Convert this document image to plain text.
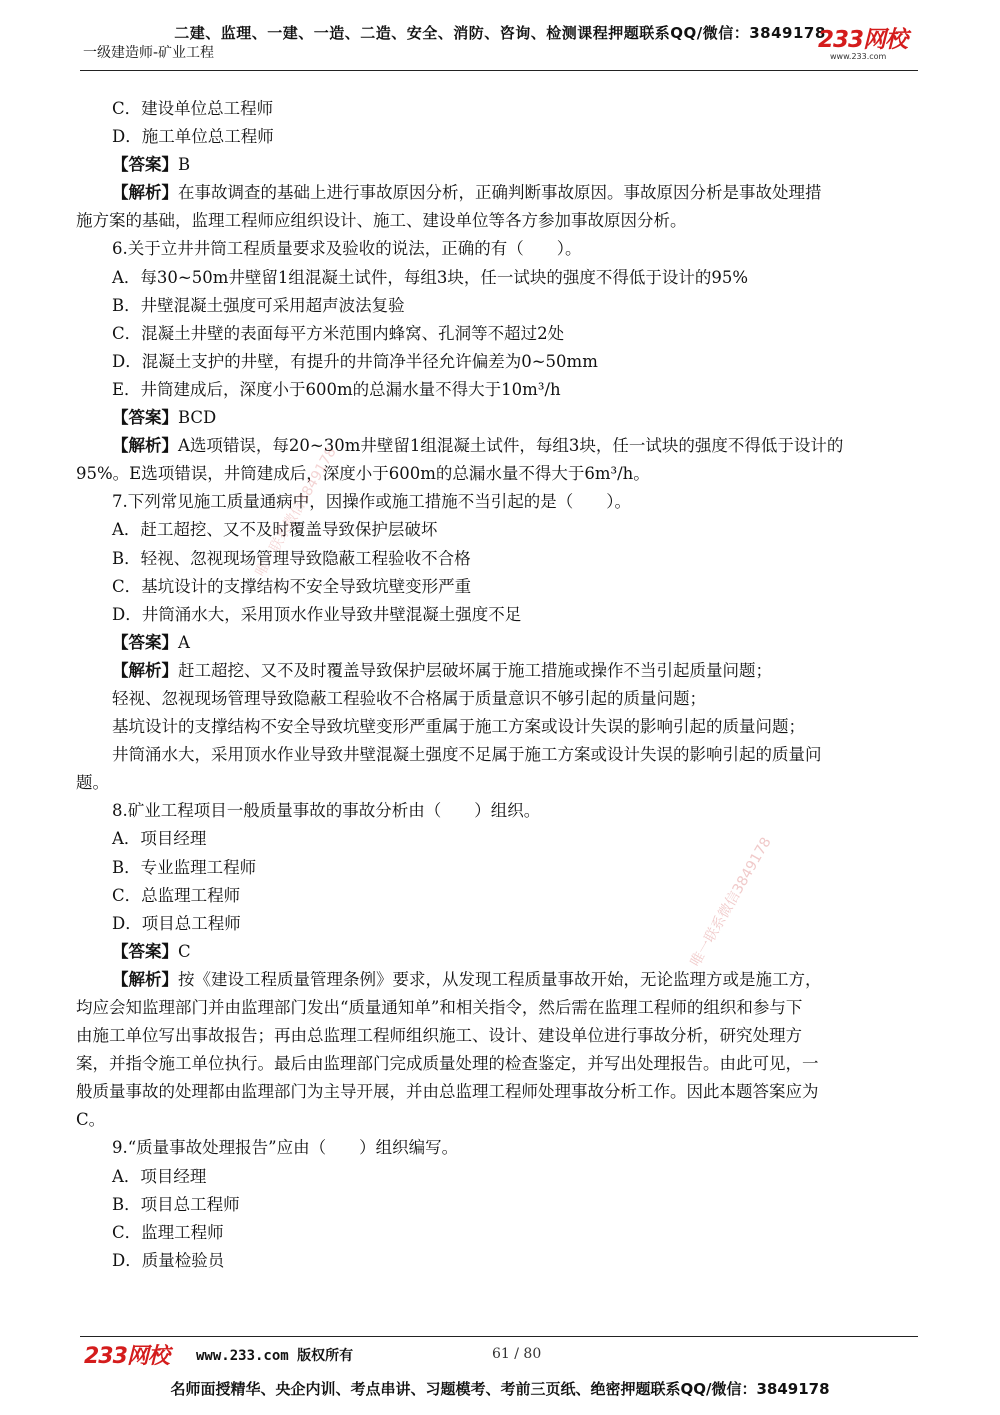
二建、监理、一建、一造、二造、安全、消防、咨询、检测课程押题联系QQ/微信：3849178
一级建造师-矿业工程	233网校
www.233.com
C．建设单位总工程师
D．施工单位总工程师
【答案】B
【解析】在事故调查的基础上进行事故原因分析，正确判断事故原因。事故原因分析是事故处理措
施方案的基础，监理工程师应组织设计、施工、建设单位等各方参加事故原因分析。
6.关于立井井筒工程质量要求及验收的说法，正确的有（　　）。
A．每30~50m井壁留1组混凝土试件，每组3块，任一试块的强度不得低于设计的95%
B．井壁混凝土强度可采用超声波法复验
C．混凝土井壁的表面每平方米范围内蜂窝、孔洞等不超过2处
D．混凝土支护的井壁，有提升的井筒净半径允许偏差为0~50mm
E．井筒建成后，深度小于600m的总漏水量不得大于10m³/h
【答案】BCD
【解析】A选项错误，每20~30m井壁留1组混凝土试件，每组3块，任一试块的强度不得低于设计的
95%。E选项错误，井筒建成后，深度小于600m的总漏水量不得大于6m³/h。
7.下列常见施工质量通病中，因操作或施工措施不当引起的是（　　）。
A．赶工超挖、又不及时覆盖导致保护层破坏
B．轻视、忽视现场管理导致隐蔽工程验收不合格
C．基坑设计的支撑结构不安全导致坑壁变形严重
D．井筒涌水大，采用顶水作业导致井壁混凝土强度不足
【答案】A
【解析】赶工超挖、又不及时覆盖导致保护层破坏属于施工措施或操作不当引起质量问题；
轻视、忽视现场管理导致隐蔽工程验收不合格属于质量意识不够引起的质量问题；
基坑设计的支撑结构不安全导致坑壁变形严重属于施工方案或设计失误的影响引起的质量问题；
井筒涌水大，采用顶水作业导致井壁混凝土强度不足属于施工方案或设计失误的影响引起的质量问
题。
8.矿业工程项目一般质量事故的事故分析由（　　）组织。
A．项目经理
B．专业监理工程师
C．总监理工程师
D．项目总工程师
【答案】C
【解析】按《建设工程质量管理条例》要求，从发现工程质量事故开始，无论监理方或是施工方，
均应会知监理部门并由监理部门发出“质量通知单”和相关指令，然后需在监理工程师的组织和参与下
由施工单位写出事故报告；再由总监理工程师组织施工、设计、建设单位进行事故分析，研究处理方
案，并指令施工单位执行。最后由监理部门完成质量处理的检查鉴定，并写出处理报告。由此可见，一
般质量事故的处理都由监理部门为主导开展，并由总监理工程师处理事故分析工作。因此本题答案应为
C。
9.“质量事故处理报告”应由（　　）组织编写。
A．项目经理
B．项目总工程师
C．监理工程师
D．质量检验员
唯一联系微信3849178
唯一联系微信3849178
233网校 www.233.com 版权所有	61 / 80
名师面授精华、央企内训、考点串讲、习题模考、考前三页纸、绝密押题联系QQ/微信：3849178
